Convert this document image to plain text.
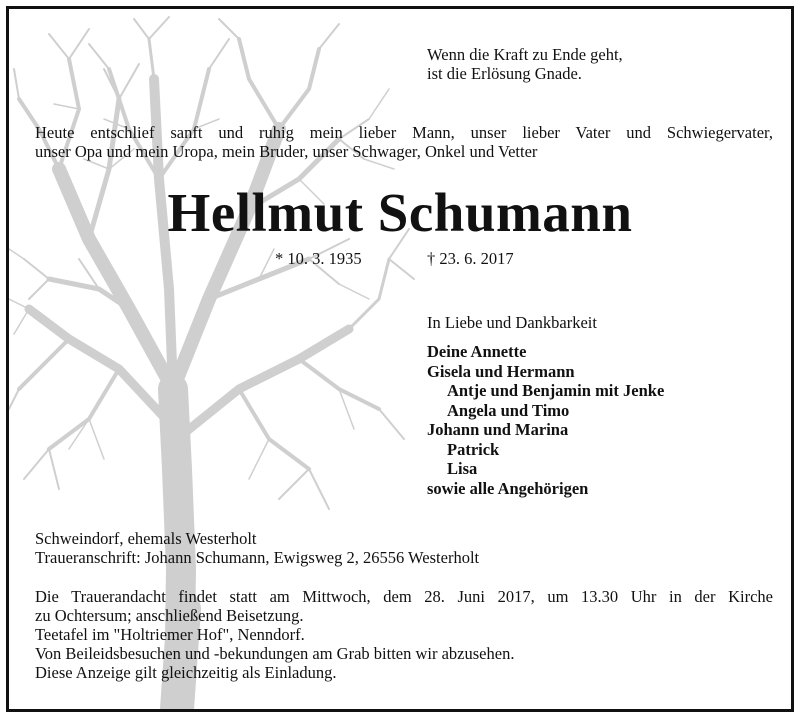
Wenn die Kraft zu Ende geht,
ist die Erlösung Gnade.
Heute entschlief sanft und ruhig mein lieber Mann, unser lieber Vater und Schwiegervater,
unser Opa und mein Uropa, mein Bruder, unser Schwager, Onkel und Vetter
Hellmut Schumann
* 10. 3. 1935	† 23. 6. 2017
In Liebe und Dankbarkeit
Deine Annette
Gisela und Hermann
Antje und Benjamin mit Jenke
Angela und Timo
Johann und Marina
Patrick
Lisa
sowie alle Angehörigen
Schweindorf, ehemals Westerholt
Traueranschrift: Johann Schumann, Ewigsweg 2, 26556 Westerholt
Die Trauerandacht findet statt am Mittwoch, dem 28. Juni 2017, um 13.30 Uhr in der Kirche
zu Ochtersum; anschließend Beisetzung.
Teetafel im "Holtriemer Hof", Nenndorf.
Von Beileidsbesuchen und -bekundungen am Grab bitten wir abzusehen.
Diese Anzeige gilt gleichzeitig als Einladung.
